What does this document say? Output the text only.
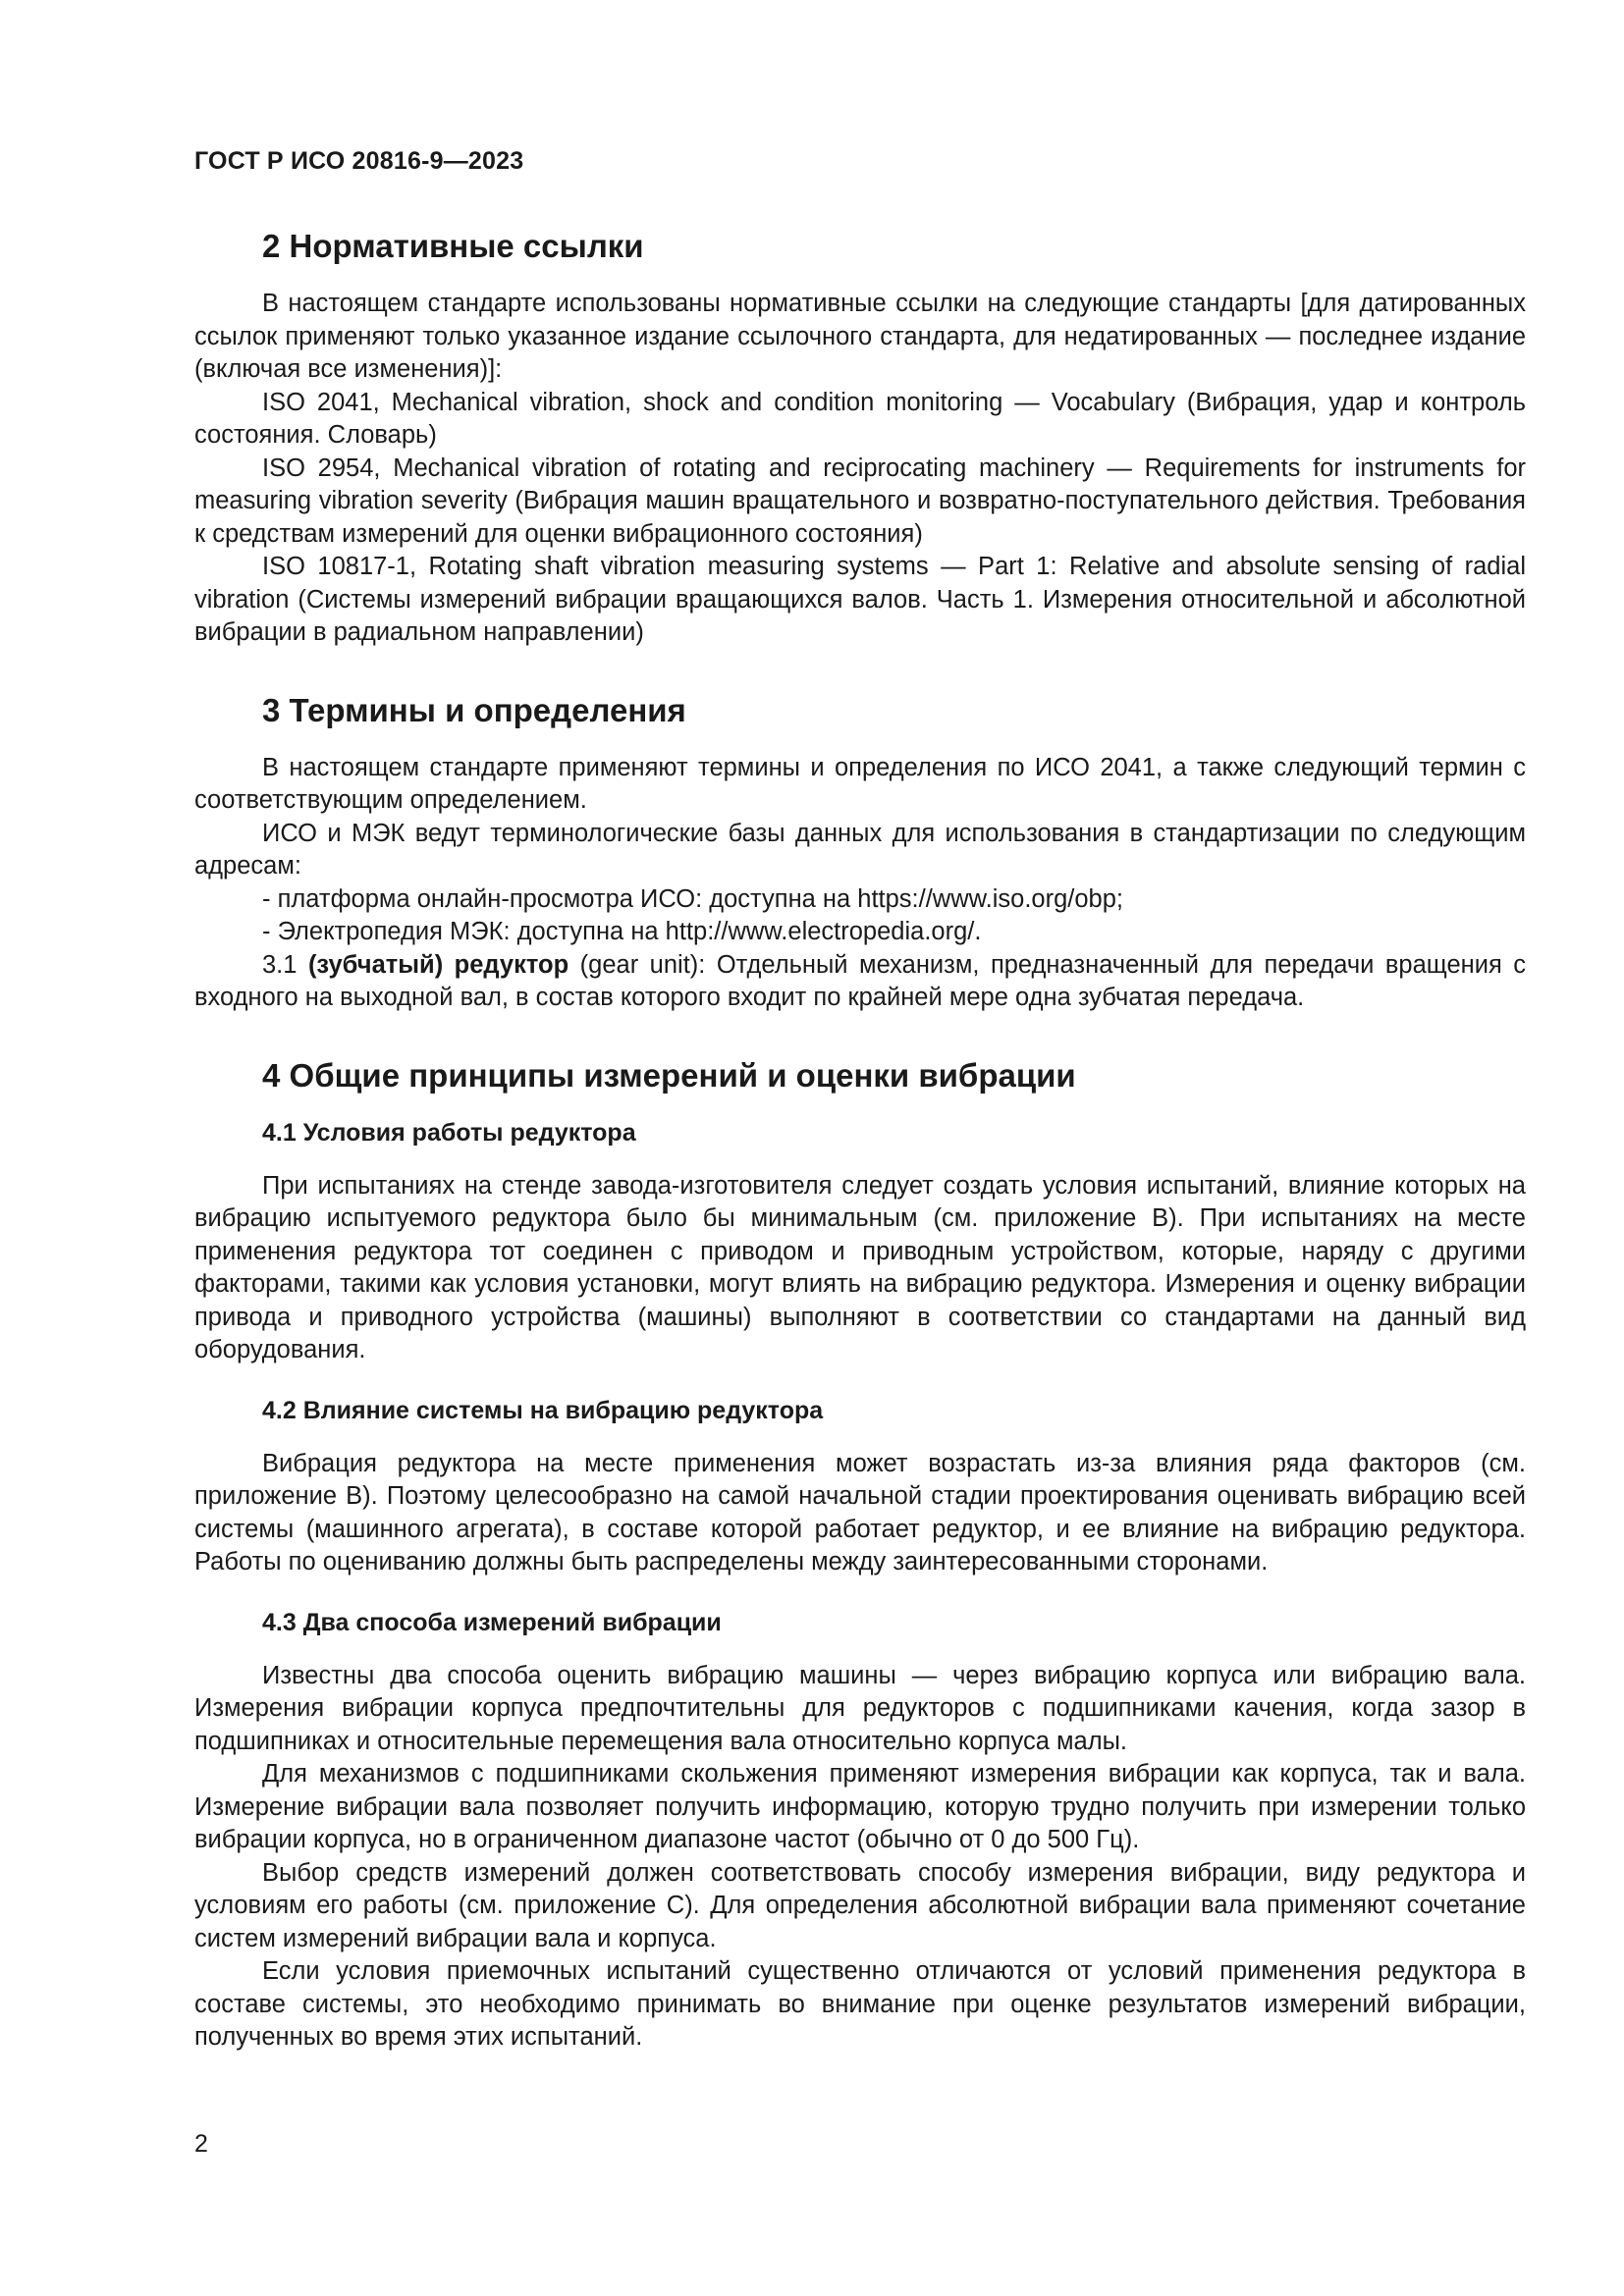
ГОСТ Р ИСО 20816-9—2023
2 Нормативные ссылки

В настоящем стандарте использованы нормативные ссылки на следующие стандарты [для датированных ссылок применяют только указанное издание ссылочного стандарта, для недатированных — последнее издание (включая все изменения)]:

ISO 2041, Mechanical vibration, shock and condition monitoring — Vocabulary (Вибрация, удар и контроль состояния. Словарь)

ISO 2954, Mechanical vibration of rotating and reciprocating machinery — Requirements for instruments for measuring vibration severity (Вибрация машин вращательного и возвратно-поступательного действия. Требования к средствам измерений для оценки вибрационного состояния)

ISO 10817-1, Rotating shaft vibration measuring systems — Part 1: Relative and absolute sensing of radial vibration (Системы измерений вибрации вращающихся валов. Часть 1. Измерения относительной и абсолютной вибрации в радиальном направлении)

3 Термины и определения

В настоящем стандарте применяют термины и определения по ИСО 2041, а также следующий термин с соответствующим определением.

ИСО и МЭК ведут терминологические базы данных для использования в стандартизации по следующим адресам:

- платформа онлайн-просмотра ИСО: доступна на https://www.iso.org/obp;

- Электропедия МЭК: доступна на http://www.electropedia.org/.

3.1 (зубчатый) редуктор (gear unit): Отдельный механизм, предназначенный для передачи вращения с входного на выходной вал, в состав которого входит по крайней мере одна зубчатая передача.

4 Общие принципы измерений и оценки вибрации
4.1 Условия работы редуктора

При испытаниях на стенде завода-изготовителя следует создать условия испытаний, влияние которых на вибрацию испытуемого редуктора было бы минимальным (см. приложение В). При испытаниях на месте применения редуктора тот соединен с приводом и приводным устройством, которые, наряду с другими факторами, такими как условия установки, могут влиять на вибрацию редуктора. Измерения и оценку вибрации привода и приводного устройства (машины) выполняют в соответствии со стандартами на данный вид оборудования.

4.2 Влияние системы на вибрацию редуктора

Вибрация редуктора на месте применения может возрастать из-за влияния ряда факторов (см. приложение В). Поэтому целесообразно на самой начальной стадии проектирования оценивать вибрацию всей системы (машинного агрегата), в составе которой работает редуктор, и ее влияние на вибрацию редуктора. Работы по оцениванию должны быть распределены между заинтересованными сторонами.

4.3 Два способа измерений вибрации

Известны два способа оценить вибрацию машины — через вибрацию корпуса или вибрацию вала. Измерения вибрации корпуса предпочтительны для редукторов с подшипниками качения, когда зазор в подшипниках и относительные перемещения вала относительно корпуса малы.

Для механизмов с подшипниками скольжения применяют измерения вибрации как корпуса, так и вала. Измерение вибрации вала позволяет получить информацию, которую трудно получить при измерении только вибрации корпуса, но в ограниченном диапазоне частот (обычно от 0 до 500 Гц).

Выбор средств измерений должен соответствовать способу измерения вибрации, виду редуктора и условиям его работы (см. приложение С). Для определения абсолютной вибрации вала применяют сочетание систем измерений вибрации вала и корпуса.

Если условия приемочных испытаний существенно отличаются от условий применения редуктора в составе системы, это необходимо принимать во внимание при оценке результатов измерений вибрации, полученных во время этих испытаний.

2
